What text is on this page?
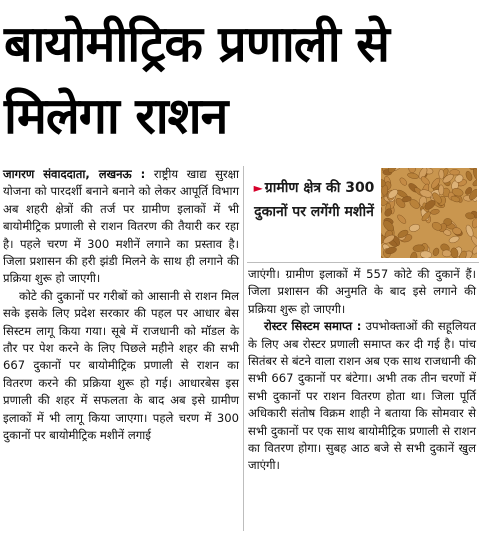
बायोमीट्रिक प्रणाली से
मिलेगा राशन

जागरण संवाददाता, लखनऊ : राष्ट्रीय खाद्य सुरक्षा योजना को पारदर्शी बनाने बनाने को लेकर आपूर्ति विभाग अब शहरी क्षेत्रों की तर्ज पर ग्रामीण इलाकों में भी बायोमीट्रिक प्रणाली से राशन वितरण की तैयारी कर रहा है। पहले चरण में 300 मशीनें लगाने का प्रस्ताव है। जिला प्रशासन की हरी झंडी मिलने के साथ ही लगाने की प्रक्रिया शुरू हो जाएगी।

कोटे की दुकानों पर गरीबों को आसानी से राशन मिल सके इसके लिए प्रदेश सरकार की पहल पर आधार बेस सिस्टम लागू किया गया। सूबे में राजधानी को मॉडल के तौर पर पेश करने के लिए पिछले महीने शहर की सभी 667 दुकानों पर बायोमीट्रिक प्रणाली से राशन का वितरण करने की प्रक्रिया शुरू हो गई। आधारबेस इस प्रणाली की शहर में सफलता के बाद अब इसे ग्रामीण इलाकों में भी लागू किया जाएगा। पहले चरण में 300 दुकानों पर बायोमीट्रिक मशीनें लगाई

► ग्रामीण क्षेत्र की 300 दुकानों पर लगेंगी मशीनें

जाएंगी। ग्रामीण इलाकों में 557 कोटे की दुकानें हैं। जिला प्रशासन की अनुमति के बाद इसे लगाने की प्रक्रिया शुरू हो जाएगी।

रोस्टर सिस्टम समाप्त : उपभोक्ताओं की सहूलियत के लिए अब रोस्टर प्रणाली समाप्त कर दी गई है। पांच सितंबर से बंटने वाला राशन अब एक साथ राजधानी की सभी 667 दुकानों पर बंटेगा। अभी तक तीन चरणों में सभी दुकानों पर राशन वितरण होता था। जिला पूर्ति अधिकारी संतोष विक्रम शाही ने बताया कि सोमवार से सभी दुकानों पर एक साथ बायोमीट्रिक प्रणाली से राशन का वितरण होगा। सुबह आठ बजे से सभी दुकानें खुल जाएंगी।
